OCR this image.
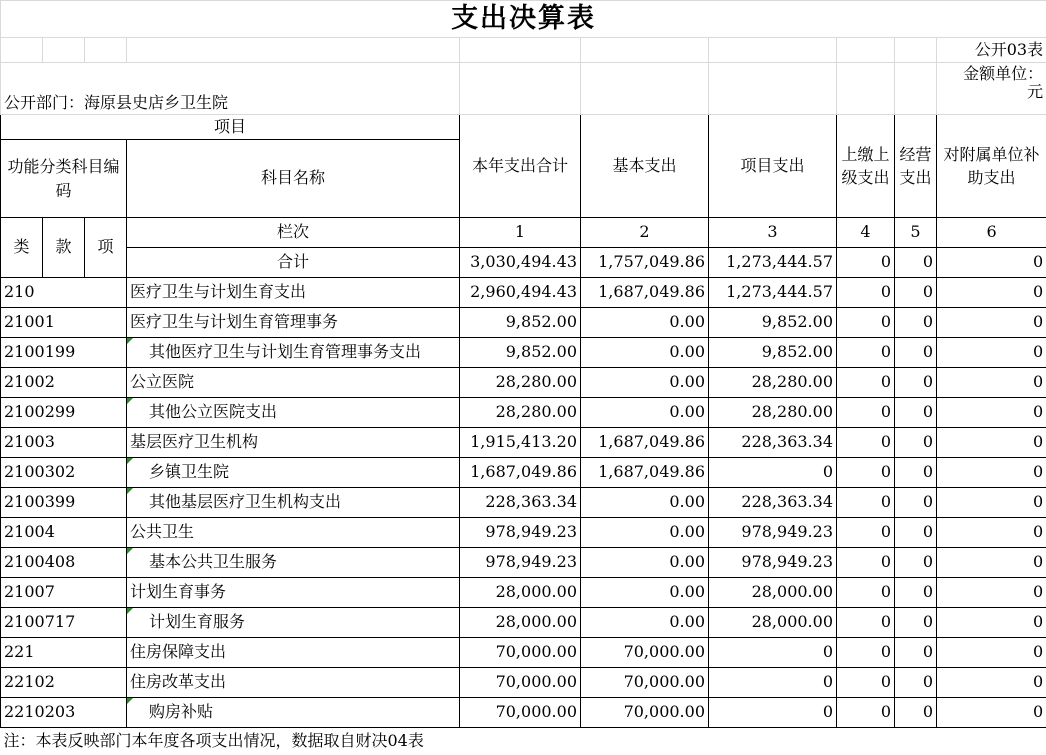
支出决算表									
									公开03表
公开部门：海原县史店乡卫生院									金额单位：
元

项目				本年支出合计	基本支出	项目支出	上缴上级支出	经营支出	对附属单位补助支出
功能分类科目编码			科目名称						
类	款	项	栏次	1	2	3	4	5	6
			合计	3,030,494.43	1,757,049.86	1,273,444.57	0	0	0
210			医疗卫生与计划生育支出	2,960,494.43	1,687,049.86	1,273,444.57	0	0	0
21001			医疗卫生与计划生育管理事务	9,852.00	0.00	9,852.00	0	0	0
2100199			其他医疗卫生与计划生育管理事务支出	9,852.00	0.00	9,852.00	0	0	0
21002			公立医院	28,280.00	0.00	28,280.00	0	0	0
2100299			其他公立医院支出	28,280.00	0.00	28,280.00	0	0	0
21003			基层医疗卫生机构	1,915,413.20	1,687,049.86	228,363.34	0	0	0
2100302			乡镇卫生院	1,687,049.86	1,687,049.86	0	0	0	0
2100399			其他基层医疗卫生机构支出	228,363.34	0.00	228,363.34	0	0	0
21004			公共卫生	978,949.23	0.00	978,949.23	0	0	0
2100408			基本公共卫生服务	978,949.23	0.00	978,949.23	0	0	0
21007			计划生育事务	28,000.00	0.00	28,000.00	0	0	0
2100717			计划生育服务	28,000.00	0.00	28,000.00	0	0	0
221			住房保障支出	70,000.00	70,000.00	0	0	0	0
22102			住房改革支出	70,000.00	70,000.00	0	0	0	0
2210203			购房补贴	70,000.00	70,000.00	0	0	0	0
注：本表反映部门本年度各项支出情况，数据取自财决04表									
